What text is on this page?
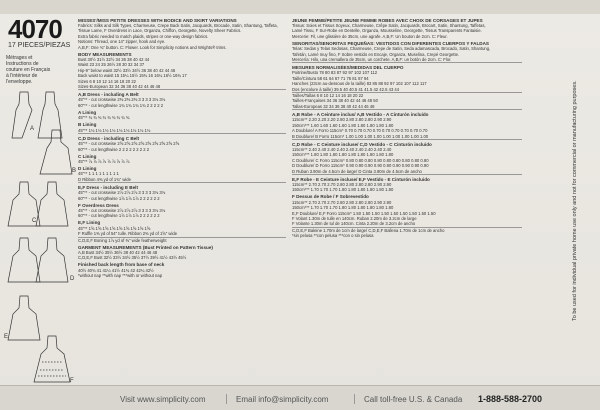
4070
17 PIECES/PIEZAS
Métrages et Instructions de couture en Français à l'intérieur de l'enveloppe.
A
B
C
D
E
F
MISSES'/MISS PETITE DRESSES WITH BODICE AND SKIRT VARIATIONS
Fabrics: Silks and Silk Types, Charmeuse, Crepe Back Satin, Jacquards, Brocade, Satin, Shantung, Taffeta,
Tissue Lame, F Overdress in Lace, Organza, Chiffon, Georgette, Novelty Sheer Fabrics.
Extra fabric needed to match plaids, stripes or one-way design fabrics.
Notions: Thread, one 14" zipper, hook and eye.
A,B,F: One ¾" button. C: Flower. Look for Simplicity notions and Wrights® trims.
BODY MEASUREMENTS
Bust 30½ 31½ 32½ 34 36 38 40 42 44
Waist 23 24 25 26½ 28 30 32 34 37
Hip-9" below waist 32½ 33½ 34½ 36 38 40 42 44 46
Back waist to waist 15 15¼ 15½ 15¾ 16 16¼ 16½ 16¾ 17
Sizes 6 8 10 12 14 16 18 20 22
Sizes-European 32 34 36 38 40 42 44 46 48
A,B Dress - including A Belt
45"** - cut crosswise 2⅜ 2⅜ 2⅜ 3 3 3 3 3⅛ 3⅛
60"** - cut lengthwise 1¾ 1¾ 1¾ 1¾ 2 2 2 2 2
A Lining
45"** ¾ ¾ ¾ ¾ ¾ ¾ ¾ ¾ ¾
B Lining
45"** 1⅛ 1⅛ 1⅛ 1⅛ 1⅛ 1⅛ 1⅛ 1⅛ 1⅛
C,D Dress - including C Belt
45"** - cut crosswise 2⅝ 2⅝ 2⅝ 2⅝ 2⅝ 2⅝ 2⅝ 2⅝ 2⅝
60"** - cut lengthwise 2 2 2 2 2 2 2 2 2
C Lining
45"** ⅞ ⅞ ⅞ ⅞ ⅞ ⅞ ⅞ ⅞ ⅞
D Lining
45"** 1 1 1 1 1 1 1 1 1
D Ribbon 4⅜ yd of 1¾" wide
E,F Dress - including E Belt
45"** - cut crosswise 2⅞ 2⅞ 2⅞ 3 3 3 3 3⅛ 3⅛
60"** - cut lengthwise 1⅞ 1⅞ 1⅞ 2 2 2 2 2 2
F Overdress Dress
45"** - cut crosswise 2⅞ 2⅞ 2⅞ 3 3 3 3 3⅛ 3⅛
60"** - cut lengthwise 1⅞ 1⅞ 1⅞ 2 2 2 2 2 2
E,F Lining
45"** 1⅝ 1⅝ 1⅝ 1⅝ 1⅝ 1⅝ 1⅝ 1⅝ 1⅝
F Ruffle 1⅜ yd of 54" tulle. Ribbon 2⅜ yd of 1⅝" wide
C,D,E,F Boning 1⅞ yd of ⅜" wide featherweight
GARMENT MEASUREMENTS (Bust Printed on Pattern Tissue)
A,B Bust 34½ 35½ 36½ 38 40 42 44 46 48
C,D,E,F Bust 32½ 33½ 34½ 35½ 37½ 39½ 41½ 43½ 45½
Finished back length from base of neck
40½ 40¾ 41 41¼ 41½ 41¾ 42 42¼ 42½
*without nap **with nap ***with or without nap
JEUNE FEMME/PETITE JEUNE FEMME ROBES AVEC CHOIX DE CORSAGES ET JUPES
Tissus: Soies et Tissus Soyeux, Charmeuse, Crêpe Satin, Jacquards, Brocart, Satin, Shantung, Taffetas,
Lamé Tissu, F Sur-Robe en Dentelle, Organza, Mousseline, Georgette, Tissus Transparents Fantaisie.
Mercerie: Fil, une glissière de 35cm, une agrafe. A,B,F: Un bouton de 2cm. C: Fleur.
SENORITAS/SENORITAS PEQUEÑAS: VESTIDOS CON DIFERENTES CUERPOS Y FALDAS
Telas: Sedas y Telas Sedosas, Charmeuse, Crepe de Satin, Seda adamascada, Brocado, Satin, Shantung,
Tafetán, Lamé muy fino, F Sobre vestido en Encaje, Organza, Muselina, Crepé Georgette.
Mercería: Hilo, una cremallera de 35cm, un corchete. A,B,F: un botón de 2cm. C: Flor.
MESURES NORMALISÉES/MEDIDAS DEL CUERPO
Poitrine/Busto 78 80 83 87 92 97 102 107 112
Taille/Cintura 58 61 64 67 71 76 81 87 94
Hanches (23cm au-dessous de la taille) 83 85 88 92 97 102 107 112 117
Dos (encolure à taille) 39.5 40 40.5 41 41.5 42 42.5 43 44
Tailles/Tallas 6 8 10 12 14 16 18 20 22
Tailles-Françaises 34 36 38 40 42 44 46 48 50
Tallas-Europeas 32 34 36 38 40 42 44 46 48
A,B Robe - A Ceinture inclus/ A,B Vestido - A Cinturón incluido
115cm** 2.20 2.20 2.20 2.80 2.80 2.80 2.80 2.90 2.90
150cm*** 1.60 1.60 1.60 1.60 1.80 1.80 1.80 1.80 1.80
A Doublure/ A Forro 115cm* 0.70 0.70 0.70 0.70 0.70 0.70 0.70 0.70 0.70
B Doublure/ B Forro 115cm* 1.00 1.00 1.00 1.00 1.00 1.00 1.00 1.00 1.00
C,D Robe - C Ceinture incluse/ C,D Vestido - C Cinturón incluido
115cm** 2.40 2.40 2.40 2.40 2.40 2.40 2.40 2.40 2.40
150cm*** 1.80 1.80 1.80 1.80 1.80 1.80 1.80 1.80 1.80
C Doublure/ C Forro 115cm* 0.80 0.80 0.80 0.80 0.80 0.80 0.80 0.80 0.80
D Doublure/ D Forro 115cm* 0.90 0.90 0.90 0.90 0.90 0.90 0.90 0.90 0.90
D Ruban 3.90m de 4.5cm de large/ D Cinta 3.90m de 4.5cm de ancho
E,F Robe - E Ceinture incluse/ E,F Vestido - E Cinturón incluido
115cm** 2.70 2.70 2.70 2.80 2.80 2.80 2.80 2.90 2.90
150cm*** 1.70 1.70 1.70 1.80 1.80 1.80 1.80 1.80 1.80
F Dessus de Robe / F Sobrevestido
115cm** 2.70 2.70 2.70 2.80 2.80 2.80 2.80 2.90 2.90
150cm*** 1.70 1.70 1.70 1.80 1.80 1.80 1.80 1.80 1.80
E,F Doublure/ E,F Forro 115cm* 1.50 1.50 1.50 1.50 1.50 1.50 1.50 1.50 1.50
F Volant 1.30m de tulle en 140cm. Ruban 2.20m de 3.2cm de large
F Volante 1.30m de tul de 140cm. Cinta 2.20m de 3.2cm de ancho
C,D,E,F Baleine 1.70m de 1cm de large/ C,D,E,F Ballena 1.70m de 1cm de ancho
*sin pelusa **con pelusa ***con o sin pelusa	To be used for individual private home use only and not for commercial or manufacturing purposes.
Visit www.simplicity.com	Email info@simplicity.com	Call toll-free U.S. & Canada 1-888-588-2700
